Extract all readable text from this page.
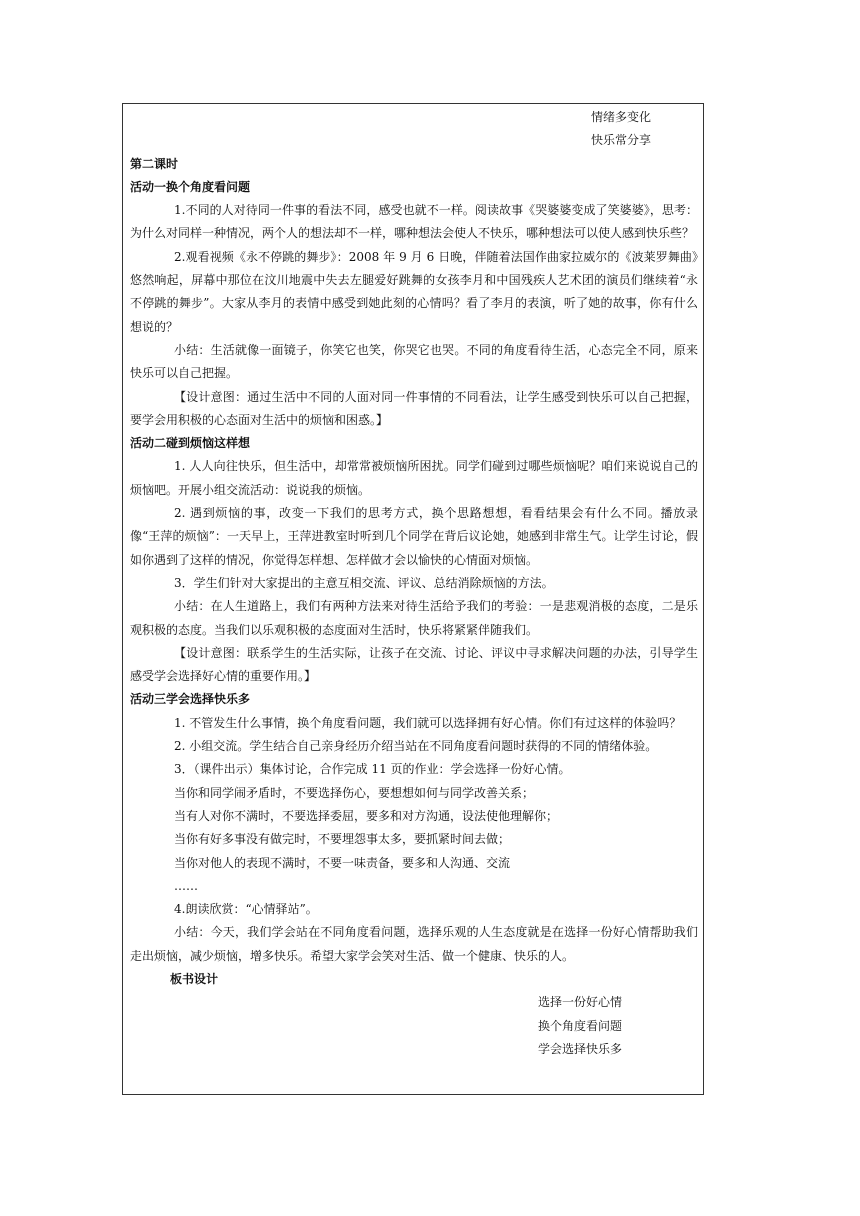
情绪多变化
快乐常分享
第二课时
活动一换个角度看问题
1.不同的人对待同一件事的看法不同，感受也就不一样。阅读故事《哭婆婆变成了笑婆婆》，思考：为什么对同样一种情况，两个人的想法却不一样，哪种想法会使人不快乐，哪种想法可以使人感到快乐些？
2.观看视频《永不停跳的舞步》：2008 年 9 月 6 日晚，伴随着法国作曲家拉威尔的《波莱罗舞曲》悠然响起，屏幕中那位在汶川地震中失去左腿爱好跳舞的女孩李月和中国残疾人艺术团的演员们继续着“永不停跳的舞步”。大家从李月的表情中感受到她此刻的心情吗？看了李月的表演，听了她的故事，你有什么想说的？
小结：生活就像一面镜子，你笑它也笑，你哭它也哭。不同的角度看待生活，心态完全不同，原来快乐可以自己把握。
【设计意图：通过生活中不同的人面对同一件事情的不同看法，让学生感受到快乐可以自己把握，要学会用积极的心态面对生活中的烦恼和困惑。】
活动二碰到烦恼这样想
1. 人人向往快乐，但生活中，却常常被烦恼所困扰。同学们碰到过哪些烦恼呢？咱们来说说自己的烦恼吧。开展小组交流活动：说说我的烦恼。
2. 遇到烦恼的事，改变一下我们的思考方式，换个思路想想，看看结果会有什么不同。播放录像“王萍的烦恼”：一天早上，王萍进教室时听到几个同学在背后议论她，她感到非常生气。让学生讨论，假如你遇到了这样的情况，你觉得怎样想、怎样做才会以愉快的心情面对烦恼。
3．学生们针对大家提出的主意互相交流、评议、总结消除烦恼的方法。
小结：在人生道路上，我们有两种方法来对待生活给予我们的考验：一是悲观消极的态度，二是乐观积极的态度。当我们以乐观积极的态度面对生活时，快乐将紧紧伴随我们。
【设计意图：联系学生的生活实际，让孩子在交流、讨论、评议中寻求解决问题的办法，引导学生感受学会选择好心情的重要作用。】
活动三学会选择快乐多
1. 不管发生什么事情，换个角度看问题，我们就可以选择拥有好心情。你们有过这样的体验吗？
2. 小组交流。学生结合自己亲身经历介绍当站在不同角度看问题时获得的不同的情绪体验。
3．（课件出示）集体讨论，合作完成 11 页的作业：学会选择一份好心情。
当你和同学闹矛盾时，不要选择伤心，要想想如何与同学改善关系；
当有人对你不满时，不要选择委屈，要多和对方沟通，设法使他理解你；
当你有好多事没有做完时，不要埋怨事太多，要抓紧时间去做；
当你对他人的表现不满时，不要一味责备，要多和人沟通、交流
……
4.朗读欣赏：“心情驿站”。
小结：今天，我们学会站在不同角度看问题，选择乐观的人生态度就是在选择一份好心情帮助我们走出烦恼，减少烦恼，增多快乐。希望大家学会笑对生活、做一个健康、快乐的人。
板书设计
选择一份好心情
换个角度看问题
学会选择快乐多
